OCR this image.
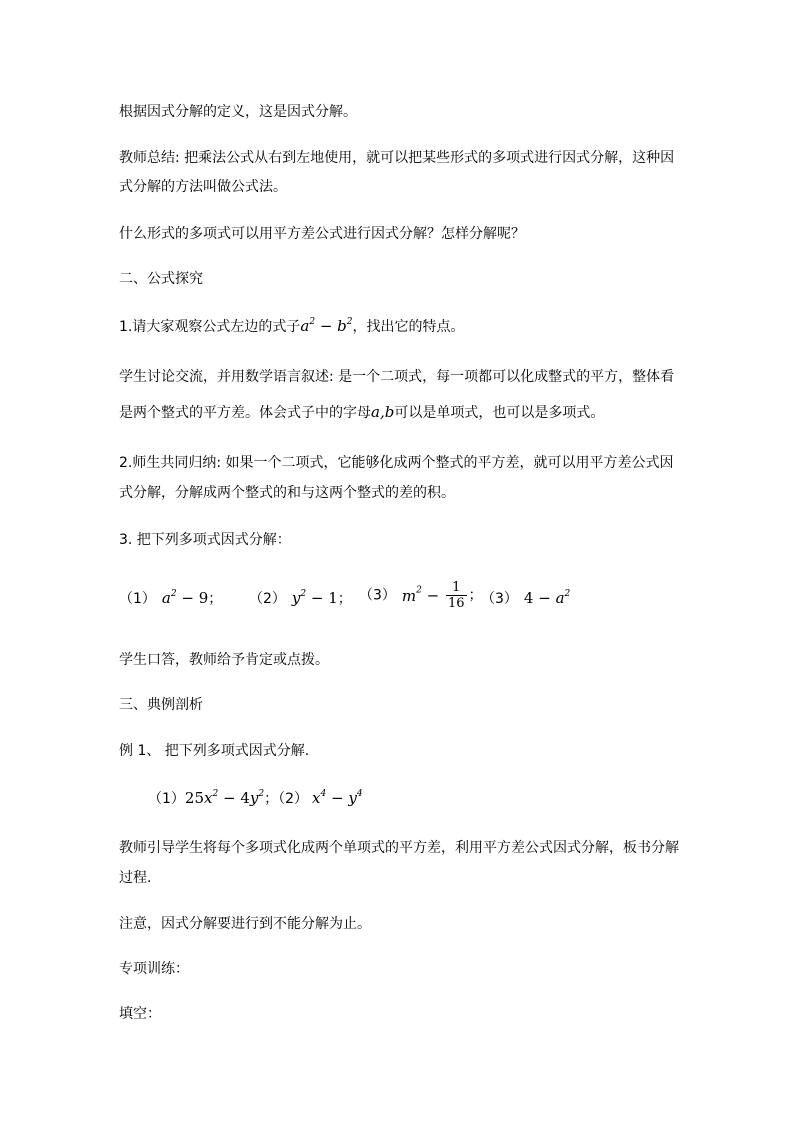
根据因式分解的定义，这是因式分解。
教师总结: 把乘法公式从右到左地使用，就可以把某些形式的多项式进行因式分解，这种因
式分解的方法叫做公式法。
什么形式的多项式可以用平方差公式进行因式分解？怎样分解呢？
二、公式探究
1.请大家观察公式左边的式子$a^2 - b^2$，找出它的特点。
学生讨论交流，并用数学语言叙述: 是一个二项式，每一项都可以化成整式的平方，整体看
是两个整式的平方差。体会式子中的字母a,b可以是单项式，也可以是多项式。
2.师生共同归纳: 如果一个二项式，它能够化成两个整式的平方差，就可以用平方差公式因
式分解，分解成两个整式的和与这两个整式的差的积。
3. 把下列多项式因式分解：
（1） $a^2 - 9$； （2） $y^2 - 1$； （3） $m^2 - \frac{1}{16}$ ；
（3） $4 - a^2$
学生口答，教师给予肯定或点拨。
三、典例剖析
例 1、 把下列多项式因式分解.
$(1)25x^2 - 4y^2$；（2） $x^4 - y^4$
教师引导学生将每个多项式化成两个单项式的平方差，利用平方差公式因式分解，板书分解
过程.
注意，因式分解要进行到不能分解为止。
专项训练：
填空：
